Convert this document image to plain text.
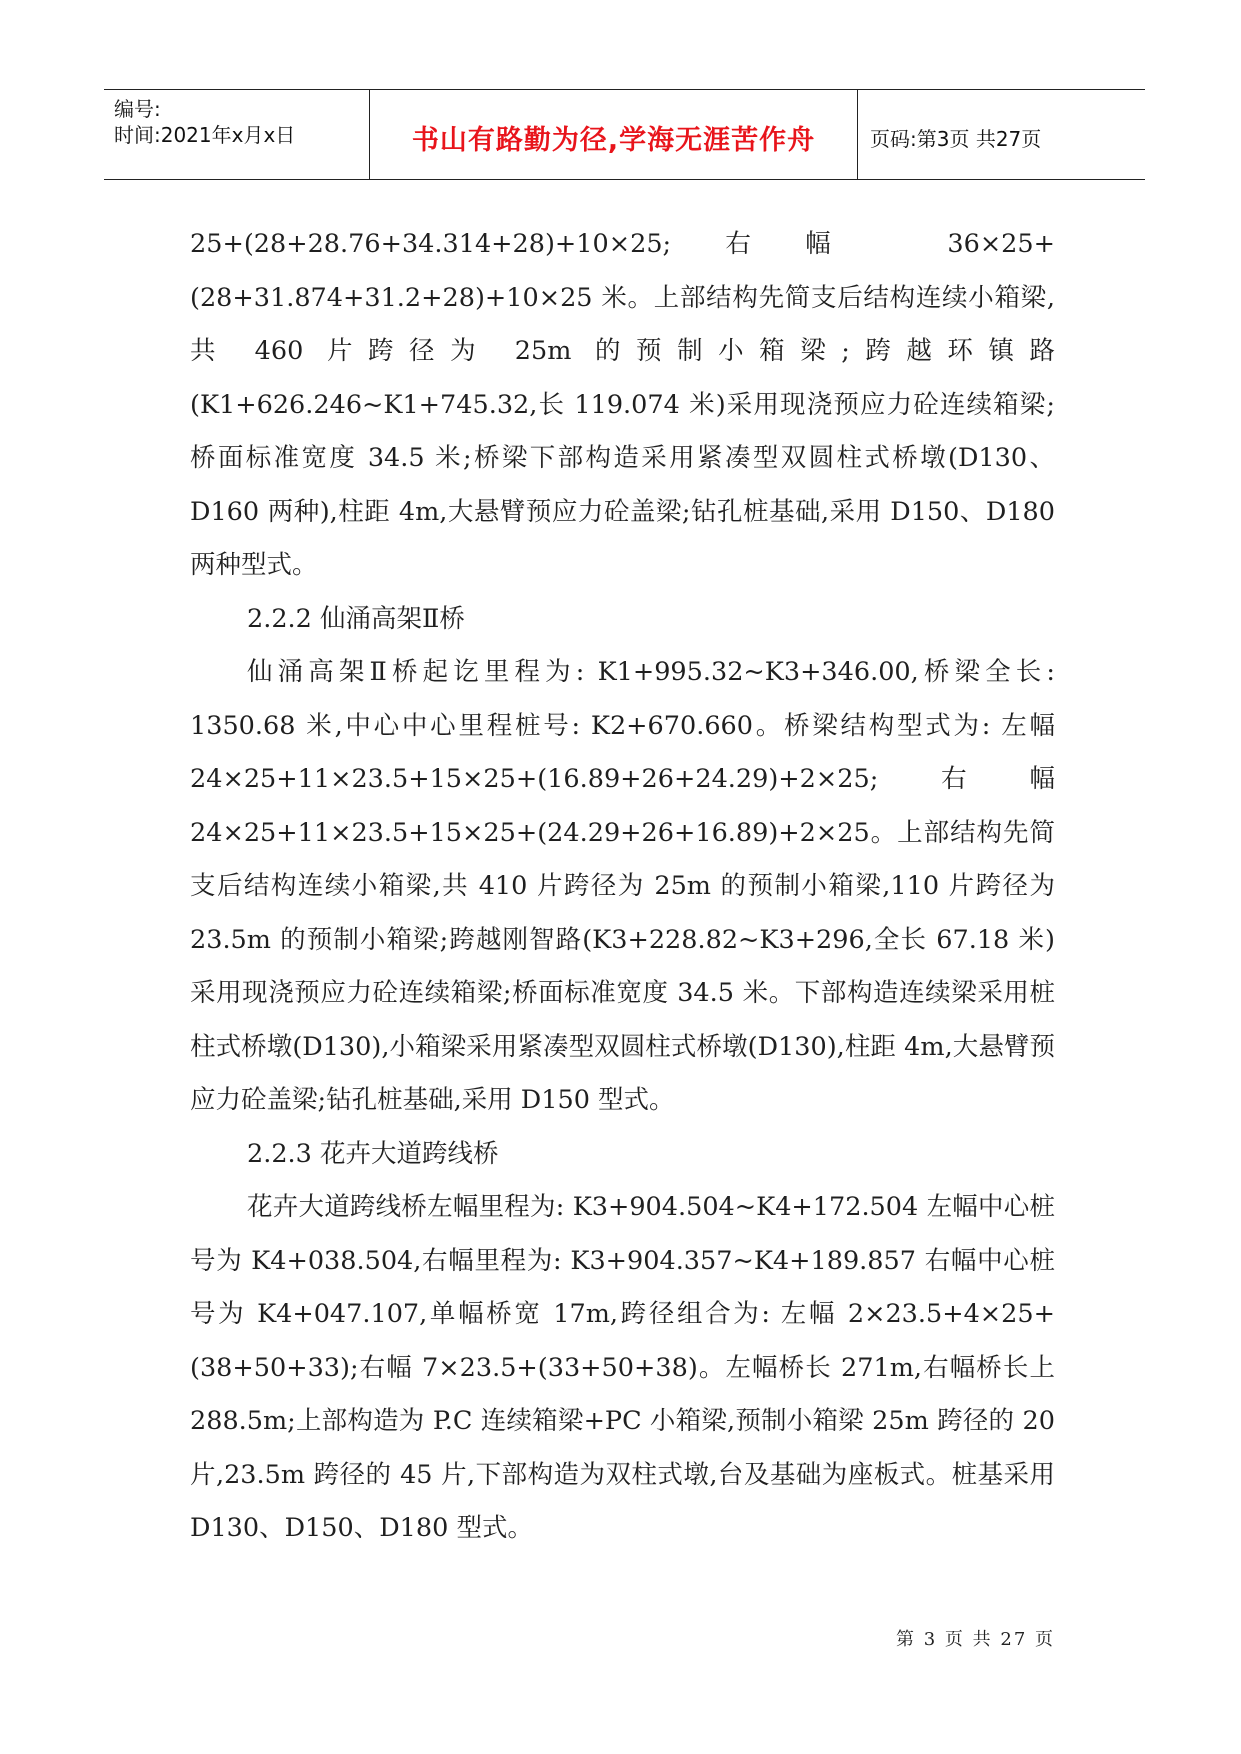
编号:
时间:2021年x月x日	书山有路勤为径,学海无涯苦作舟	页码:第3页 共27页

25+(28+28.76+34.314+28)+10×25;右幅 36×25+(28+31.874+31.2+28)+10×25 米。上部结构先简支后结构连续小箱梁,共 460 片跨径为 25m 的预制小箱梁;跨越环镇路(K1+626.246~K1+745.32,长 119.074 米)采用现浇预应力砼连续箱梁;桥面标准宽度 34.5 米;桥梁下部构造采用紧凑型双圆柱式桥墩(D130、D160 两种),柱距 4m,大悬臂预应力砼盖梁;钻孔桩基础,采用 D150、D180 两种型式。

2.2.2 仙涌高架Ⅱ桥

仙涌高架Ⅱ桥起讫里程为: K1+995.32~K3+346.00,桥梁全长: 1350.68 米,中心中心里程桩号: K2+670.660。桥梁结构型式为: 左幅 24×25+11×23.5+15×25+(16.89+26+24.29)+2×25;右幅 24×25+11×23.5+15×25+(24.29+26+16.89)+2×25。上部结构先简支后结构连续小箱梁,共 410 片跨径为 25m 的预制小箱梁,110 片跨径为 23.5m 的预制小箱梁;跨越刚智路(K3+228.82~K3+296,全长 67.18 米)采用现浇预应力砼连续箱梁;桥面标准宽度 34.5 米。下部构造连续梁采用桩柱式桥墩(D130),小箱梁采用紧凑型双圆柱式桥墩(D130),柱距 4m,大悬臂预应力砼盖梁;钻孔桩基础,采用 D150 型式。

2.2.3 花卉大道跨线桥

花卉大道跨线桥左幅里程为: K3+904.504~K4+172.504 左幅中心桩号为 K4+038.504,右幅里程为: K3+904.357~K4+189.857 右幅中心桩号为 K4+047.107,单幅桥宽 17m,跨径组合为: 左幅 2×23.5+4×25+(38+50+33);右幅 7×23.5+(33+50+38)。左幅桥长 271m,右幅桥长上 288.5m;上部构造为 P.C 连续箱梁+PC 小箱梁,预制小箱梁 25m 跨径的 20 片,23.5m 跨径的 45 片,下部构造为双柱式墩,台及基础为座板式。桩基采用 D130、D150、D180 型式。

第 3 页 共 27 页
